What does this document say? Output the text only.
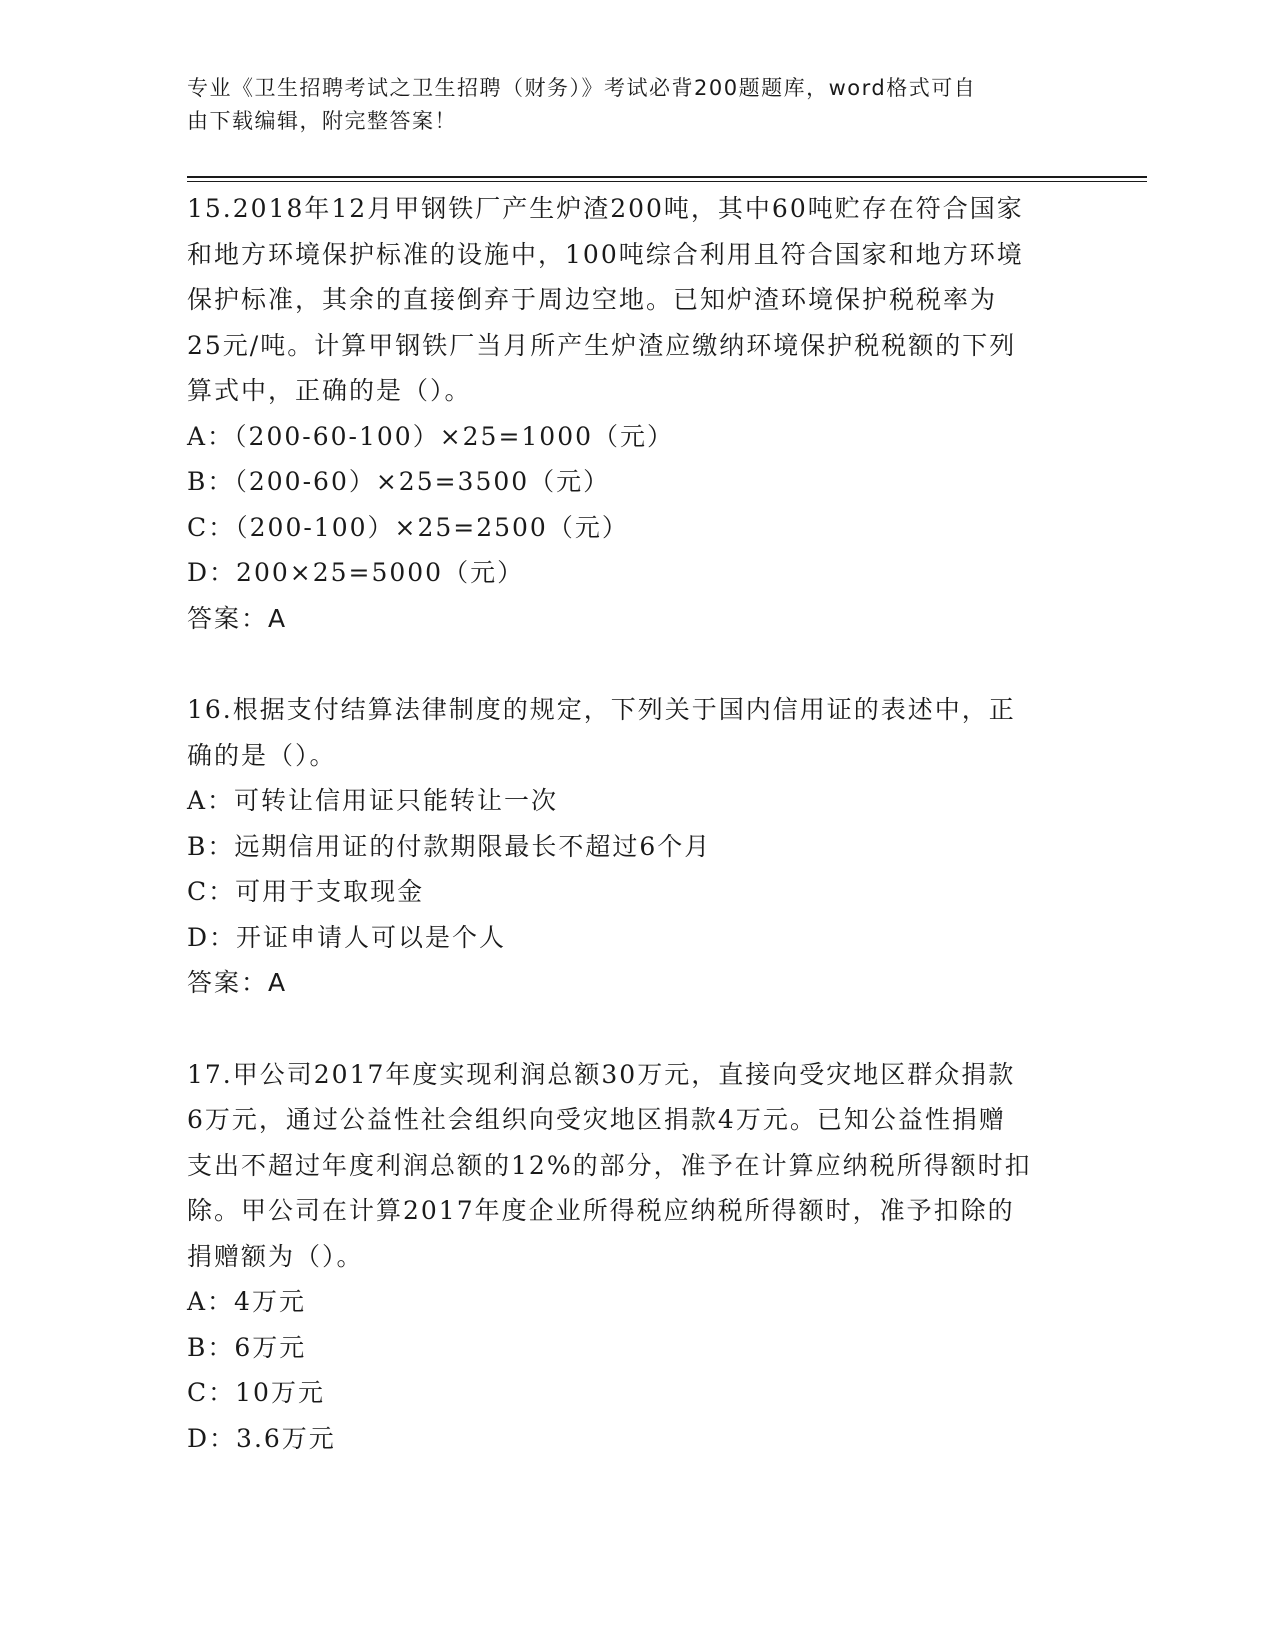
专业《卫生招聘考试之卫生招聘（财务）》考试必背200题题库，word格式可自
由下载编辑，附完整答案！

15.2018年12月甲钢铁厂产生炉渣200吨，其中60吨贮存在符合国家

和地方环境保护标准的设施中，100吨综合利用且符合国家和地方环境

保护标准，其余的直接倒弃于周边空地。已知炉渣环境保护税税率为

25元/吨。计算甲钢铁厂当月所产生炉渣应缴纳环境保护税税额的下列

算式中，正确的是（）。

A：（200-60-100）×25=1000（元）

B：（200-60）×25=3500（元）

C：（200-100）×25=2500（元）

D：200×25=5000（元）

答案：A

16.根据支付结算法律制度的规定，下列关于国内信用证的表述中，正

确的是（）。

A：可转让信用证只能转让一次

B：远期信用证的付款期限最长不超过6个月

C：可用于支取现金

D：开证申请人可以是个人

答案：A

17.甲公司2017年度实现利润总额30万元，直接向受灾地区群众捐款

6万元，通过公益性社会组织向受灾地区捐款4万元。已知公益性捐赠

支出不超过年度利润总额的12%的部分，准予在计算应纳税所得额时扣

除。甲公司在计算2017年度企业所得税应纳税所得额时，准予扣除的

捐赠额为（）。

A：4万元

B：6万元

C：10万元

D：3.6万元
